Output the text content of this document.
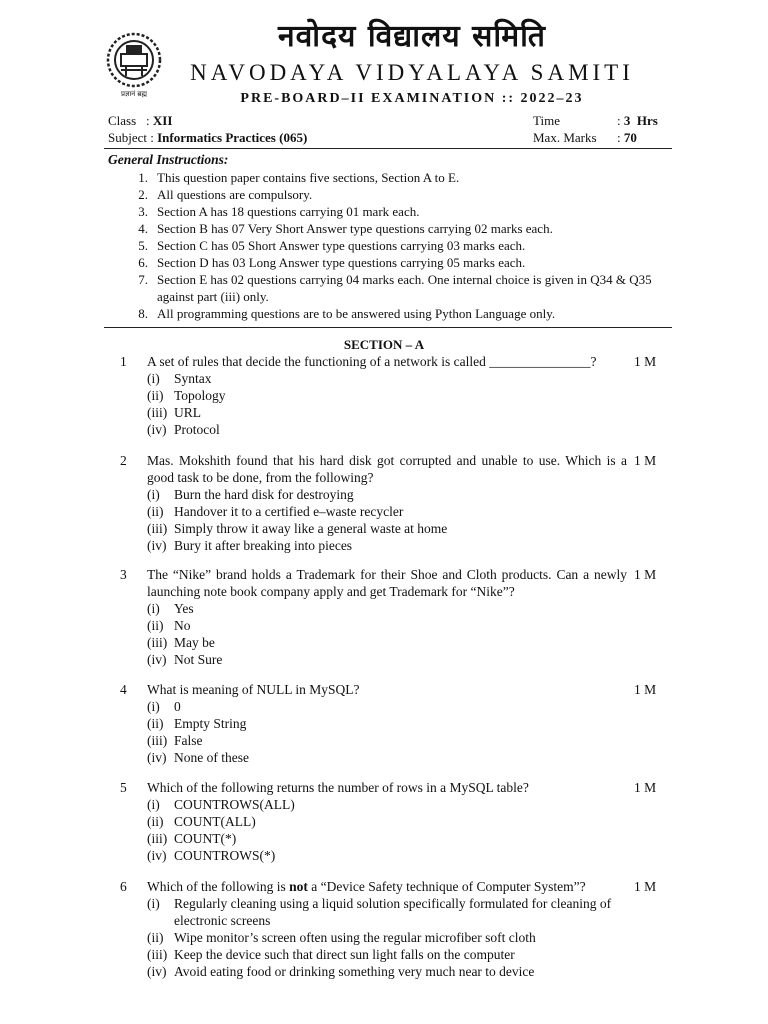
प्रज्ञानं ब्रह्म
नवोदय विद्यालय समिति
NAVODAYA VIDYALAYA SAMITI
PRE-BOARD–II EXAMINATION :: 2022–23
Class : XII	Time	: 3  Hrs
Subject : Informatics Practices (065)	Max. Marks : 70
General Instructions:
1. This question paper contains five sections, Section A to E.
2. All questions are compulsory.
3. Section A has 18 questions carrying 01 mark each.
4. Section B has 07 Very Short Answer type questions carrying 02 marks each.
5. Section C has 05 Short Answer type questions carrying 03 marks each.
6. Section D has 03 Long Answer type questions carrying 05 marks each.
7. Section E has 02 questions carrying 04 marks each. One internal choice is given in Q34 & Q35 against part (iii) only.
8. All programming questions are to be answered using Python Language only.
SECTION – A
1 A set of rules that decide the functioning of a network is called _______________?	1 M
(i)	Syntax
(ii) Topology
(iii) URL
(iv) Protocol
2 Mas. Mokshith found that his hard disk got corrupted and unable to use. Which is a good task to be done, from the following?
1 M
(i)	Burn the hard disk for destroying
(ii) Handover it to a certified e–waste recycler
(iii) Simply throw it away like a general waste at home
(iv) Bury it after breaking into pieces
3 The “Nike” brand holds a Trademark for their Shoe and Cloth products. Can a newly launching note book company apply and get Trademark for “Nike”?
1 M
(i)	Yes
(ii) No
(iii) May be
(iv) Not Sure
4 What is meaning of NULL in MySQL?	1 M
(i)	0
(ii) Empty String
(iii) False
(iv) None of these
5 Which of the following returns the number of rows in a MySQL table?	1 M
(i)	COUNTROWS(ALL)
(ii) COUNT(ALL)
(iii) COUNT(*)
(iv) COUNTROWS(*)
6 Which of the following is not a “Device Safety technique of Computer System”?	1 M
(i)	Regularly cleaning using a liquid solution specifically formulated for cleaning of electronic screens
(ii) Wipe monitor’s screen often using the regular microfiber soft cloth
(iii) Keep the device such that direct sun light falls on the computer
(iv) Avoid eating food or drinking something very much near to device
